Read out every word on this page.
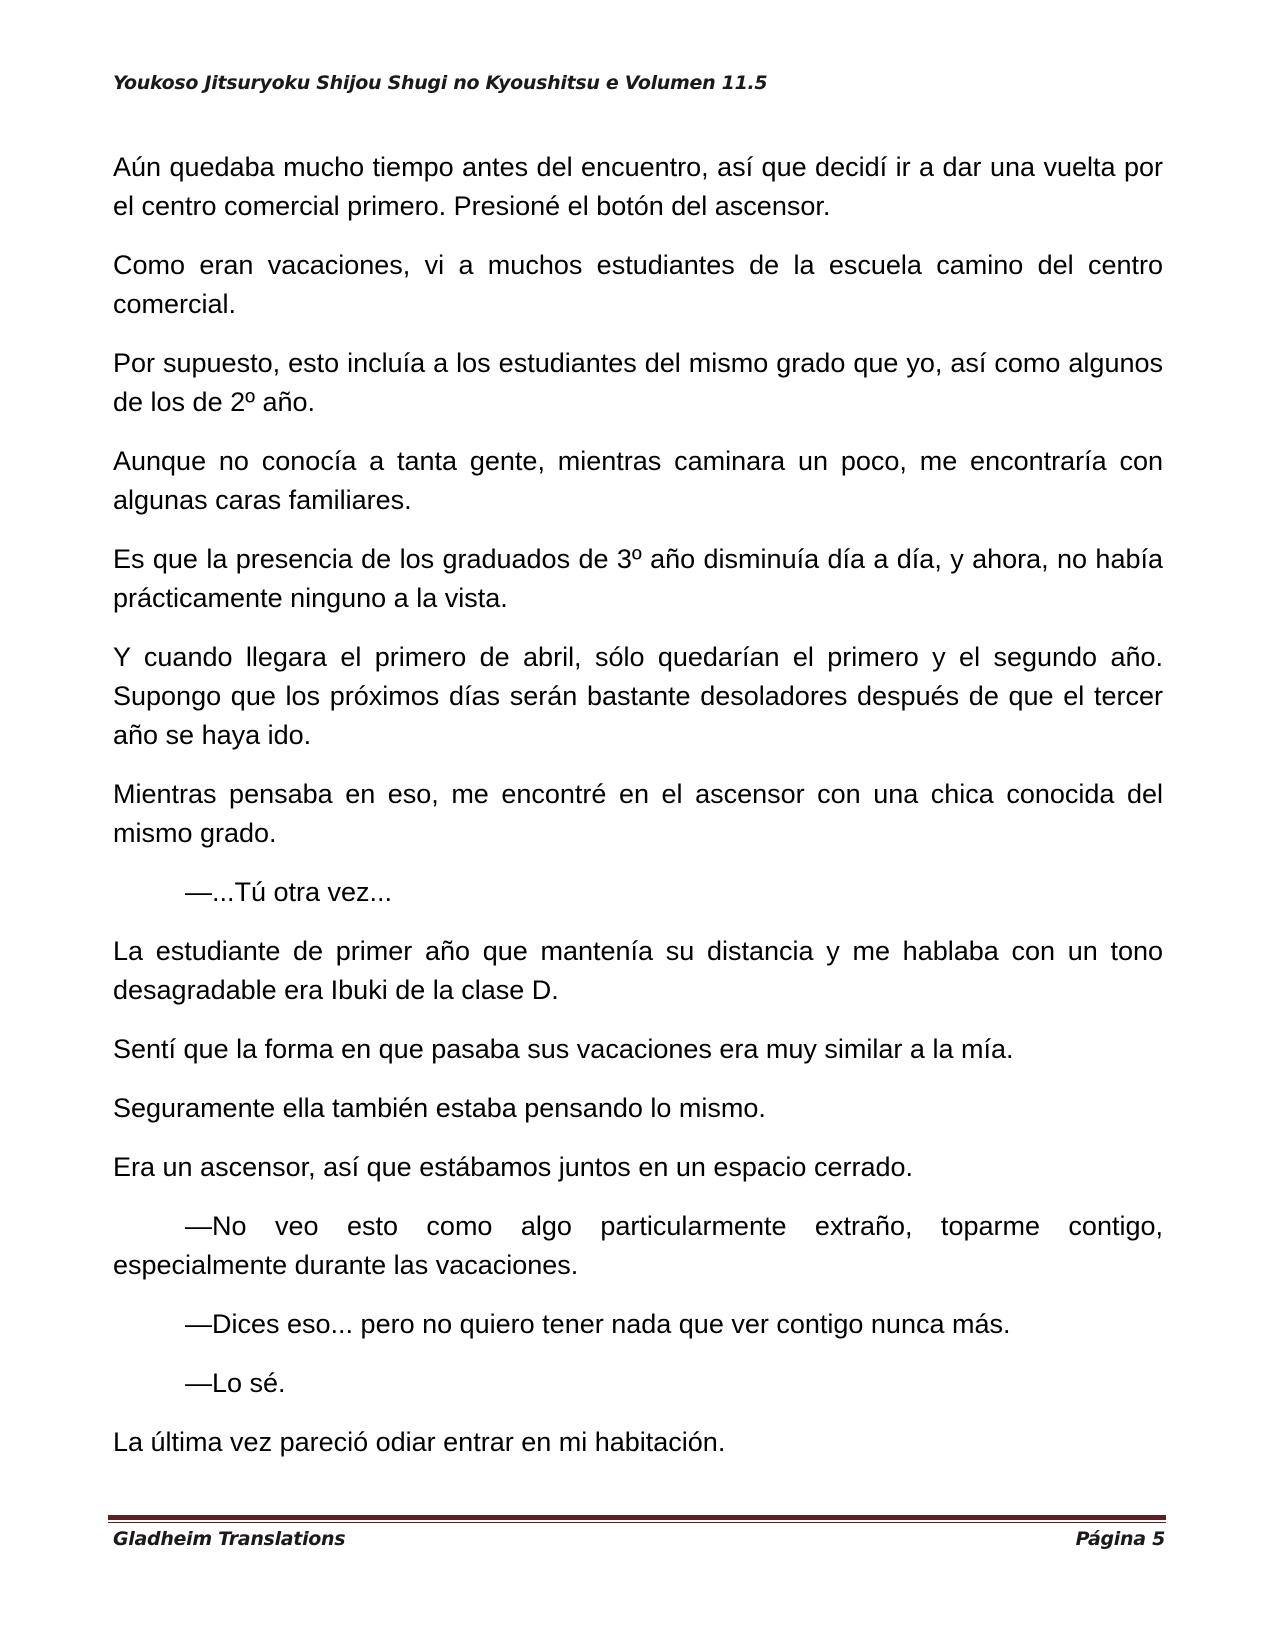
Youkoso Jitsuryoku Shijou Shugi no Kyoushitsu e Volumen 11.5

Aún quedaba mucho tiempo antes del encuentro, así que decidí ir a dar una vuelta por el centro comercial primero. Presioné el botón del ascensor.

Como eran vacaciones, vi a muchos estudiantes de la escuela camino del centro comercial.

Por supuesto, esto incluía a los estudiantes del mismo grado que yo, así como algunos de los de 2º año.

Aunque no conocía a tanta gente, mientras caminara un poco, me encontraría con algunas caras familiares.

Es que la presencia de los graduados de 3º año disminuía día a día, y ahora, no había prácticamente ninguno a la vista.

Y cuando llegara el primero de abril, sólo quedarían el primero y el segundo año. Supongo que los próximos días serán bastante desoladores después de que el tercer año se haya ido.

Mientras pensaba en eso, me encontré en el ascensor con una chica conocida del mismo grado.

—...Tú otra vez...

La estudiante de primer año que mantenía su distancia y me hablaba con un tono desagradable era Ibuki de la clase D.

Sentí que la forma en que pasaba sus vacaciones era muy similar a la mía.

Seguramente ella también estaba pensando lo mismo.

Era un ascensor, así que estábamos juntos en un espacio cerrado.

—No veo esto como algo particularmente extraño, toparme contigo, especialmente durante las vacaciones.

—Dices eso... pero no quiero tener nada que ver contigo nunca más.

—Lo sé.

La última vez pareció odiar entrar en mi habitación.

Gladheim Translations	Página 5
